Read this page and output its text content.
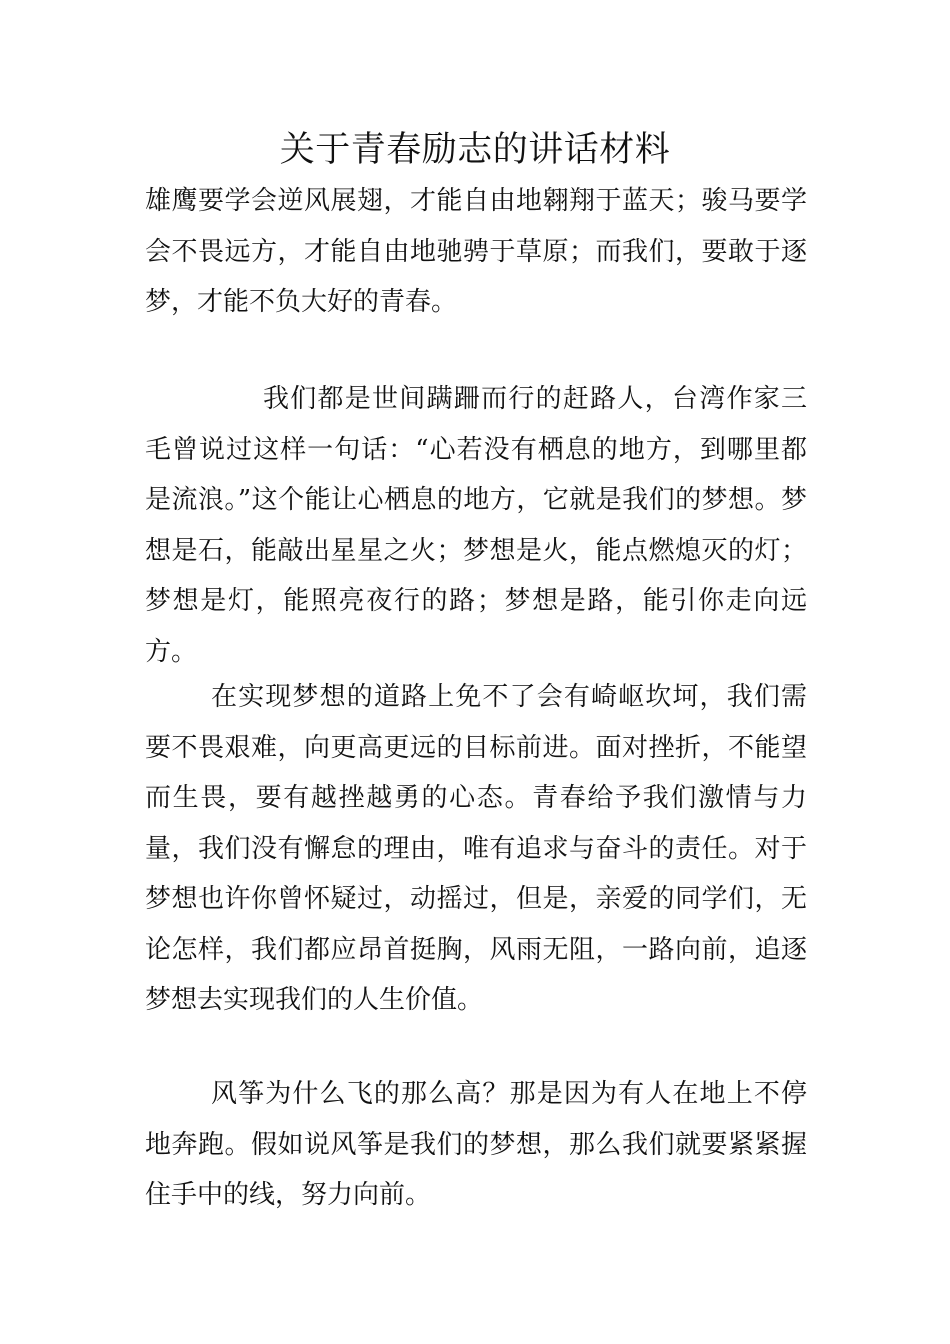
关于青春励志的讲话材料

雄鹰要学会逆风展翅，才能自由地翱翔于蓝天；骏马要学会不畏远方，才能自由地驰骋于草原；而我们，要敢于逐梦，才能不负大好的青春。

我们都是世间蹒跚而行的赶路人，台湾作家三毛曾说过这样一句话：“心若没有栖息的地方，到哪里都是流浪。”这个能让心栖息的地方，它就是我们的梦想。梦想是石，能敲出星星之火；梦想是火，能点燃熄灭的灯；梦想是灯，能照亮夜行的路；梦想是路，能引你走向远方。

在实现梦想的道路上免不了会有崎岖坎坷，我们需要不畏艰难，向更高更远的目标前进。面对挫折，不能望而生畏，要有越挫越勇的心态。青春给予我们激情与力量，我们没有懈怠的理由，唯有追求与奋斗的责任。对于梦想也许你曾怀疑过，动摇过，但是，亲爱的同学们，无论怎样，我们都应昂首挺胸，风雨无阻，一路向前，追逐梦想去实现我们的人生价值。

风筝为什么飞的那么高？那是因为有人在地上不停地奔跑。假如说风筝是我们的梦想，那么我们就要紧紧握住手中的线，努力向前。
